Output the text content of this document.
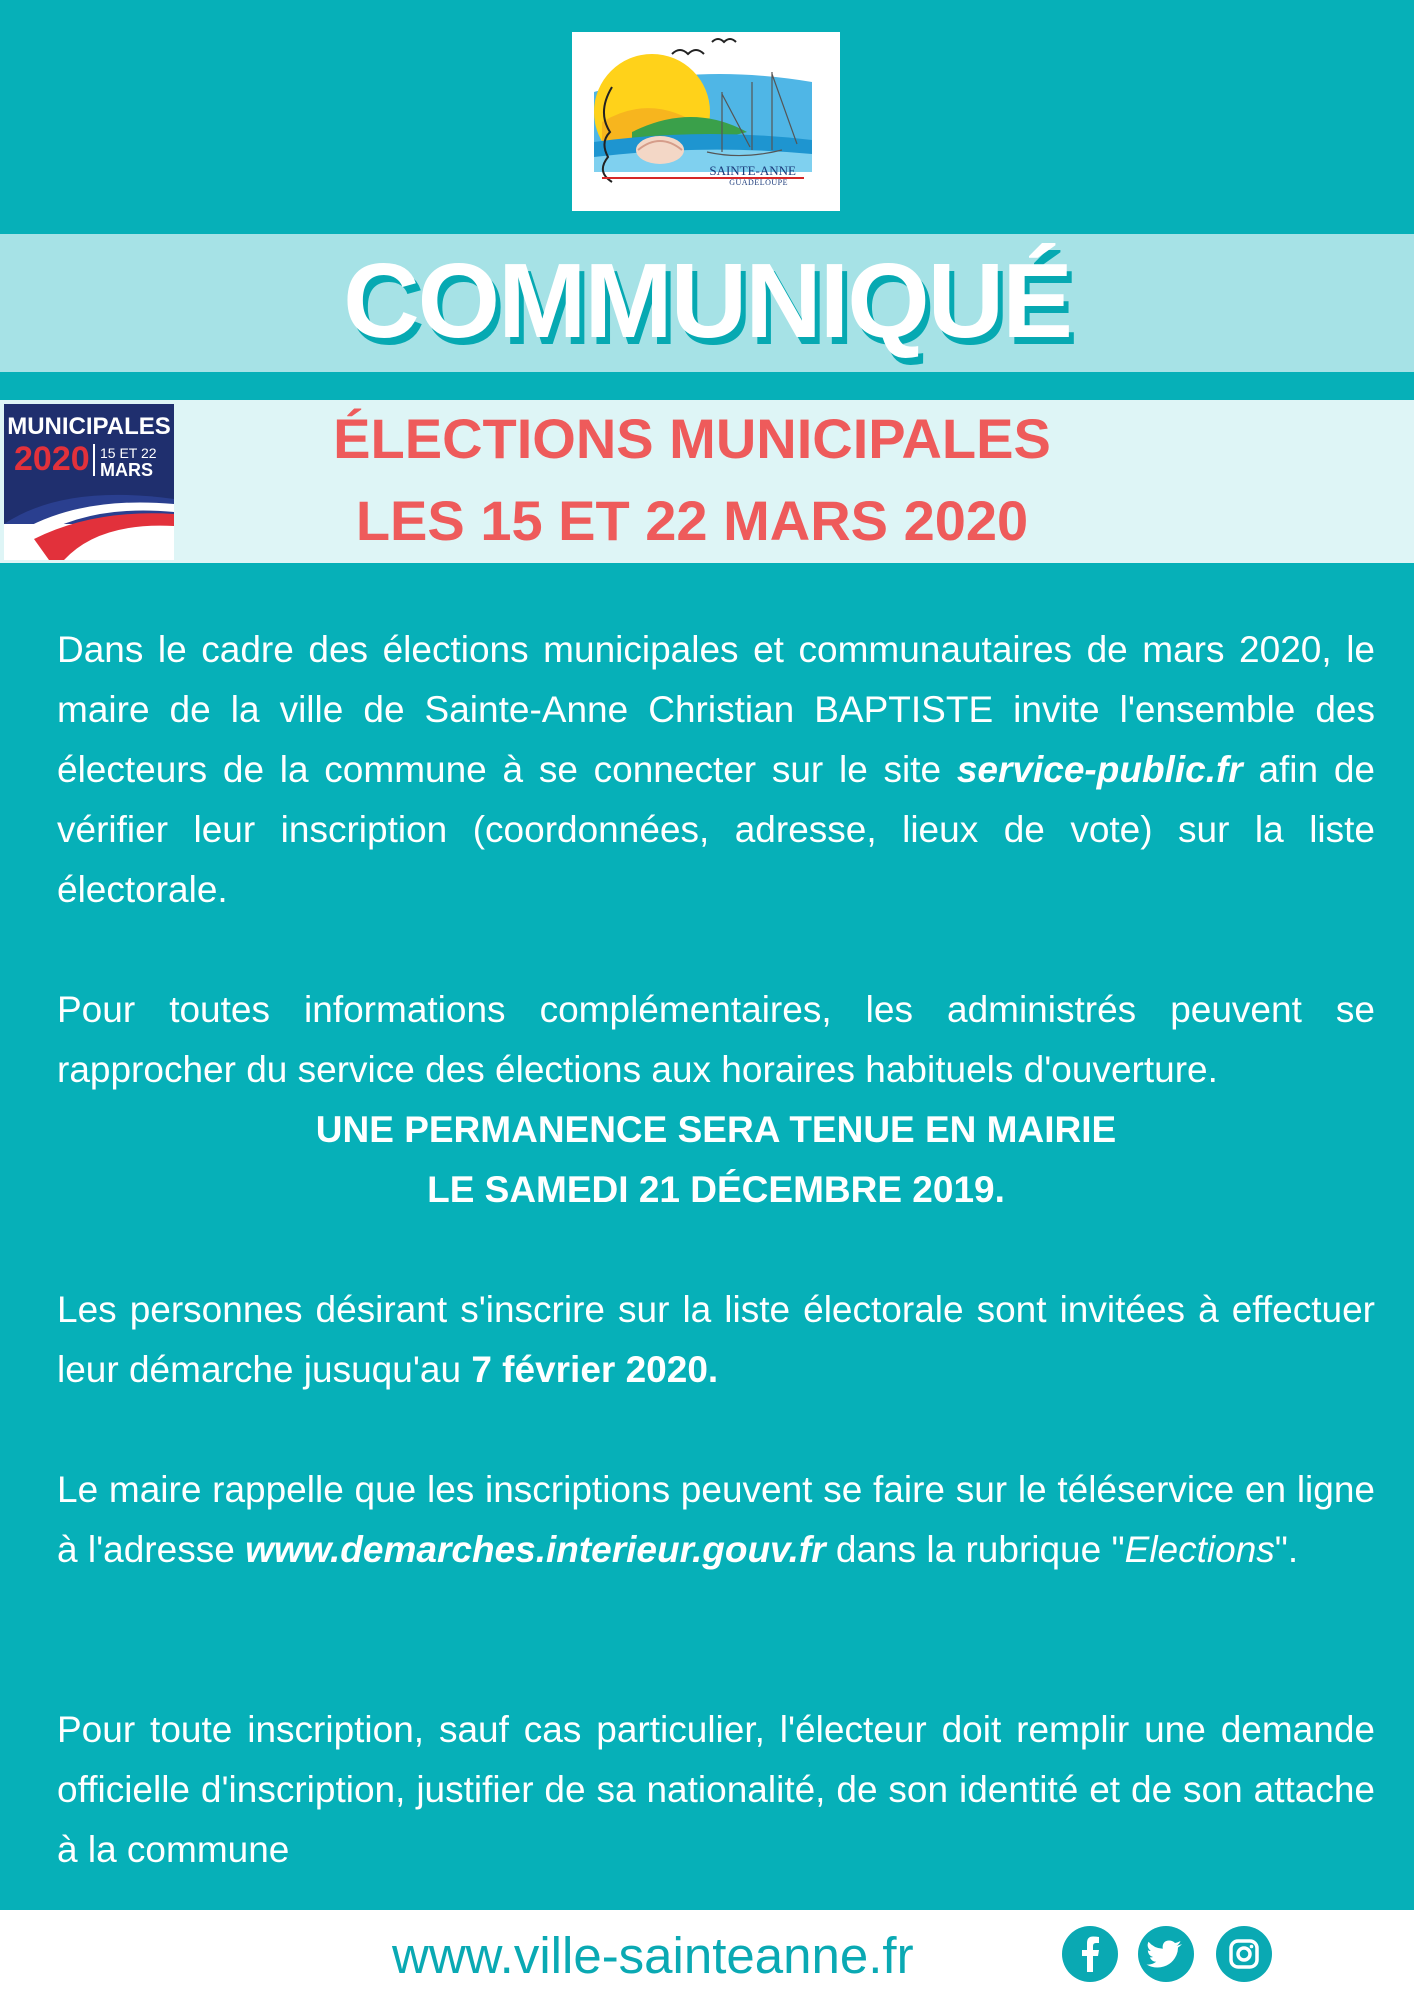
SAINTE-ANNE
GUADELOUPE
COMMUNIQUÉ
MUNICIPALES
2020 15 ET 22
MARS	ÉLECTIONS MUNICIPALES
LES 15 ET 22 MARS 2020
Dans le cadre des élections municipales et communautaires de mars 2020, le maire de la ville de Sainte-Anne Christian BAPTISTE invite l'ensemble des électeurs de la commune à se connecter sur le site service-public.fr afin de vérifier leur inscription (coordonnées, adresse, lieux de vote) sur la liste électorale.
Pour toutes informations complémentaires, les administrés peuvent se rapprocher du service des élections aux horaires habituels d'ouverture.
UNE PERMANENCE SERA TENUE EN MAIRIE
LE SAMEDI 21 DÉCEMBRE 2019.
Les personnes désirant s'inscrire sur la liste électorale sont invitées à effectuer leur démarche jusuqu'au 7 février 2020.
Le maire rappelle que les inscriptions peuvent se faire sur le téléservice en ligne à l'adresse www.demarches.interieur.gouv.fr dans la rubrique "Elections".
Pour toute inscription, sauf cas particulier, l'électeur doit remplir une demande officielle d'inscription, justifier de sa nationalité, de son identité et de son attache à la commune
www.ville-sainteanne.fr
